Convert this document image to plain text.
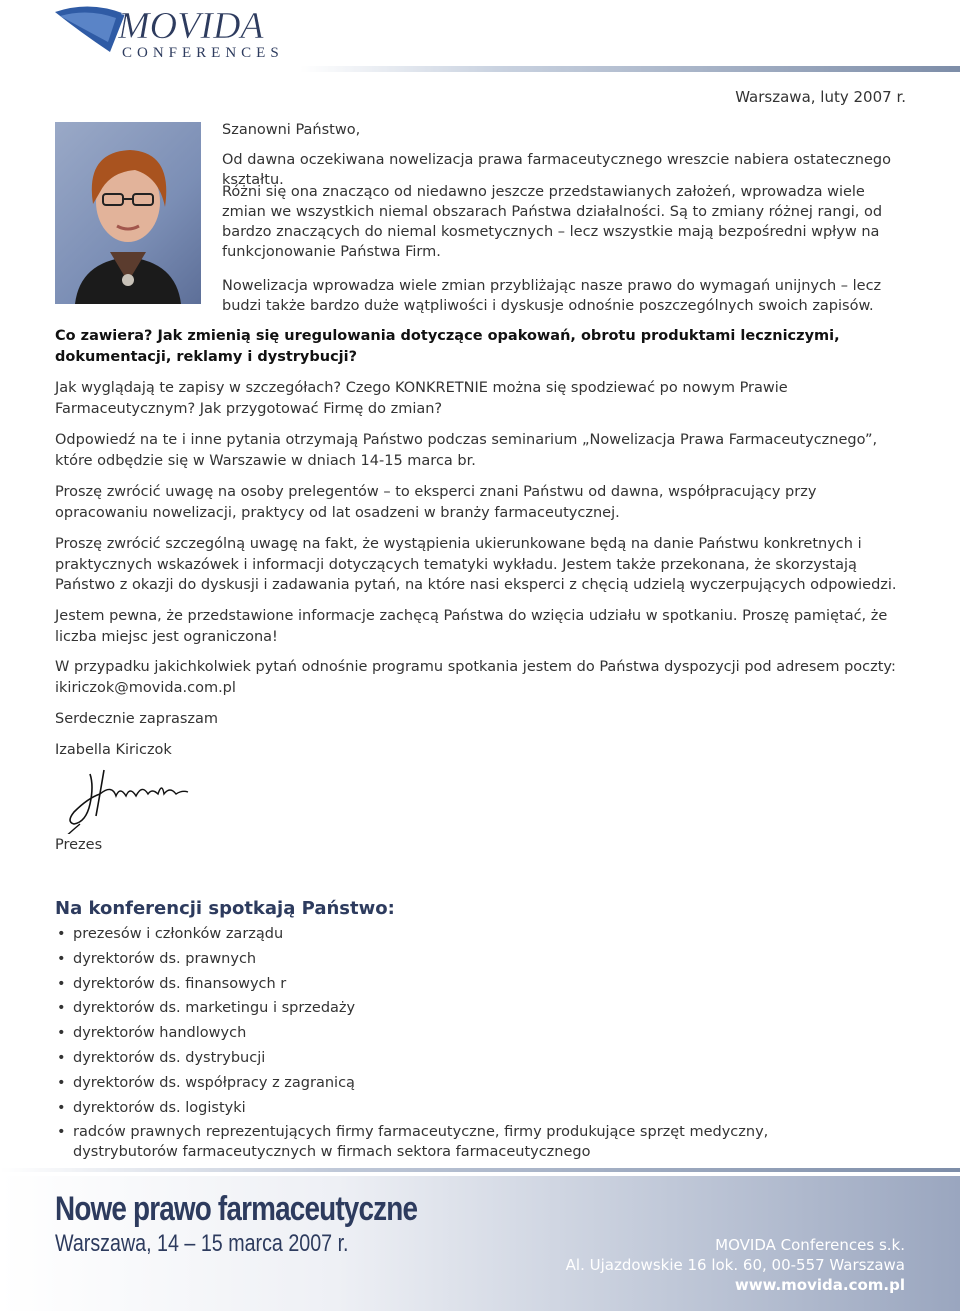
MOVIDA
CONFERENCES
Warszawa, luty 2007 r.
Szanowni Państwo,
Od dawna oczekiwana nowelizacja prawa farmaceutycznego wreszcie nabiera ostatecznego kształtu.
Różni się ona znacząco od niedawno jeszcze przedstawianych założeń, wprowadza wiele zmian we wszystkich niemal obszarach Państwa działalności. Są to zmiany różnej rangi, od bardzo znaczących do niemal kosmetycznych – lecz wszystkie mają bezpośredni wpływ na funkcjonowanie Państwa Firm.
Nowelizacja wprowadza wiele zmian przybliżając nasze prawo do wymagań unijnych – lecz budzi także bardzo duże wątpliwości i dyskusje odnośnie poszczególnych swoich zapisów.
Co zawiera? Jak zmienią się uregulowania dotyczące opakowań, obrotu produktami leczniczymi, dokumentacji, reklamy i dystrybucji?
Jak wyglądają te zapisy w szczegółach? Czego KONKRETNIE można się spodziewać po nowym Prawie Farmaceutycznym? Jak przygotować Firmę do zmian?
Odpowiedź na te i inne pytania otrzymają Państwo podczas seminarium „Nowelizacja Prawa Farmaceutycznego”, które odbędzie się w Warszawie w dniach 14-15 marca br.
Proszę zwrócić uwagę na osoby prelegentów – to eksperci znani Państwu od dawna, współpracujący przy opracowaniu nowelizacji, praktycy od lat osadzeni w branży farmaceutycznej.
Proszę zwrócić szczególną uwagę na fakt, że wystąpienia ukierunkowane będą na danie Państwu konkretnych i praktycznych wskazówek i informacji dotyczących tematyki wykładu. Jestem także przekonana, że skorzystają Państwo z okazji do dyskusji i zadawania pytań, na które nasi eksperci z chęcią udzielą wyczerpujących odpowiedzi.
Jestem pewna, że przedstawione informacje zachęcą Państwa do wzięcia udziału w spotkaniu. Proszę pamiętać, że liczba miejsc jest ograniczona!
W przypadku jakichkolwiek pytań odnośnie programu spotkania jestem do Państwa dyspozycji pod adresem poczty: ikiriczok@movida.com.pl
Serdecznie zapraszam
Izabella Kiriczok
Prezes
Na konferencji spotkają Państwo:
• prezesów i członków zarządu
• dyrektorów ds. prawnych
• dyrektorów ds. finansowych r
• dyrektorów ds. marketingu i sprzedaży
• dyrektorów handlowych
• dyrektorów ds. dystrybucji
• dyrektorów ds. współpracy z zagranicą
• dyrektorów ds. logistyki
• radców prawnych reprezentujących firmy farmaceutyczne, firmy produkujące sprzęt medyczny, dystrybutorów farmaceutycznych w firmach sektora farmaceutycznego
Nowe prawo farmaceutyczne
Warszawa, 14 – 15 marca 2007 r.	MOVIDA Conferences s.k.
Al. Ujazdowskie 16 lok. 60, 00-557 Warszawa
www.movida.com.pl
